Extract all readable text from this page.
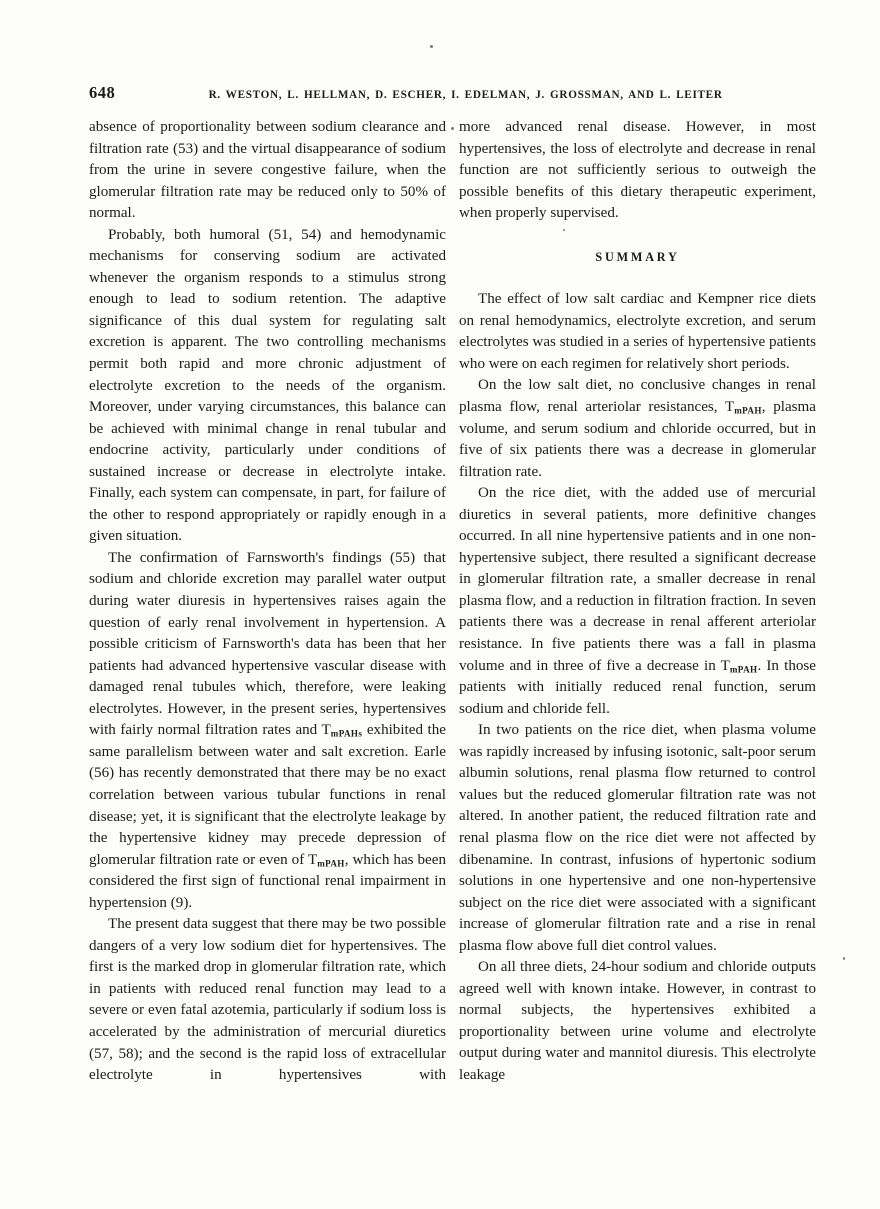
648	R. WESTON, L. HELLMAN, D. ESCHER, I. EDELMAN, J. GROSSMAN, AND L. LEITER

absence of proportionality between sodium clearance and filtration rate (53) and the virtual disappearance of sodium from the urine in severe congestive failure, when the glomerular filtration rate may be reduced only to 50% of normal.

Probably, both humoral (51, 54) and hemodynamic mechanisms for conserving sodium are activated whenever the organism responds to a stimulus strong enough to lead to sodium retention. The adaptive significance of this dual system for regulating salt excretion is apparent. The two controlling mechanisms permit both rapid and more chronic adjustment of electrolyte excretion to the needs of the organism. Moreover, under varying circumstances, this balance can be achieved with minimal change in renal tubular and endocrine activity, particularly under conditions of sustained increase or decrease in electrolyte intake. Finally, each system can compensate, in part, for failure of the other to respond appropriately or rapidly enough in a given situation.

The confirmation of Farnsworth's findings (55) that sodium and chloride excretion may parallel water output during water diuresis in hypertensives raises again the question of early renal involvement in hypertension. A possible criticism of Farnsworth's data has been that her patients had advanced hypertensive vascular disease with damaged renal tubules which, therefore, were leaking electrolytes. However, in the present series, hypertensives with fairly normal filtration rates and $T_{mPAHs}$ exhibited the same parallelism between water and salt excretion. Earle (56) has recently demonstrated that there may be no exact correlation between various tubular functions in renal disease; yet, it is significant that the electrolyte leakage by the hypertensive kidney may precede depression of glomerular filtration rate or even of $T_{mPAH}$, which has been considered the first sign of functional renal impairment in hypertension (9).

The present data suggest that there may be two possible dangers of a very low sodium diet for hypertensives. The first is the marked drop in glomerular filtration rate, which in patients with reduced renal function may lead to a severe or even fatal azotemia, particularly if sodium loss is accelerated by the administration of mercurial diuretics (57, 58); and the second is the rapid loss of extracellular electrolyte in hypertensives with

more advanced renal disease. However, in most hypertensives, the loss of electrolyte and decrease in renal function are not sufficiently serious to outweigh the possible benefits of this dietary therapeutic experiment, when properly supervised.

SUMMARY

The effect of low salt cardiac and Kempner rice diets on renal hemodynamics, electrolyte excretion, and serum electrolytes was studied in a series of hypertensive patients who were on each regimen for relatively short periods.

On the low salt diet, no conclusive changes in renal plasma flow, renal arteriolar resistances, $T_{mPAH}$, plasma volume, and serum sodium and chloride occurred, but in five of six patients there was a decrease in glomerular filtration rate.

On the rice diet, with the added use of mercurial diuretics in several patients, more definitive changes occurred. In all nine hypertensive patients and in one non-hypertensive subject, there resulted a significant decrease in glomerular filtration rate, a smaller decrease in renal plasma flow, and a reduction in filtration fraction. In seven patients there was a decrease in renal afferent arteriolar resistance. In five patients there was a fall in plasma volume and in three of five a decrease in $T_{mPAH}$. In those patients with initially reduced renal function, serum sodium and chloride fell.

In two patients on the rice diet, when plasma volume was rapidly increased by infusing isotonic, salt-poor serum albumin solutions, renal plasma flow returned to control values but the reduced glomerular filtration rate was not altered. In another patient, the reduced filtration rate and renal plasma flow on the rice diet were not affected by dibenamine. In contrast, infusions of hypertonic sodium solutions in one hypertensive and one non-hypertensive subject on the rice diet were associated with a significant increase of glomerular filtration rate and a rise in renal plasma flow above full diet control values.

On all three diets, 24-hour sodium and chloride outputs agreed well with known intake. However, in contrast to normal subjects, the hypertensives exhibited a proportionality between urine volume and electrolyte output during water and mannitol diuresis. This electrolyte leakage
